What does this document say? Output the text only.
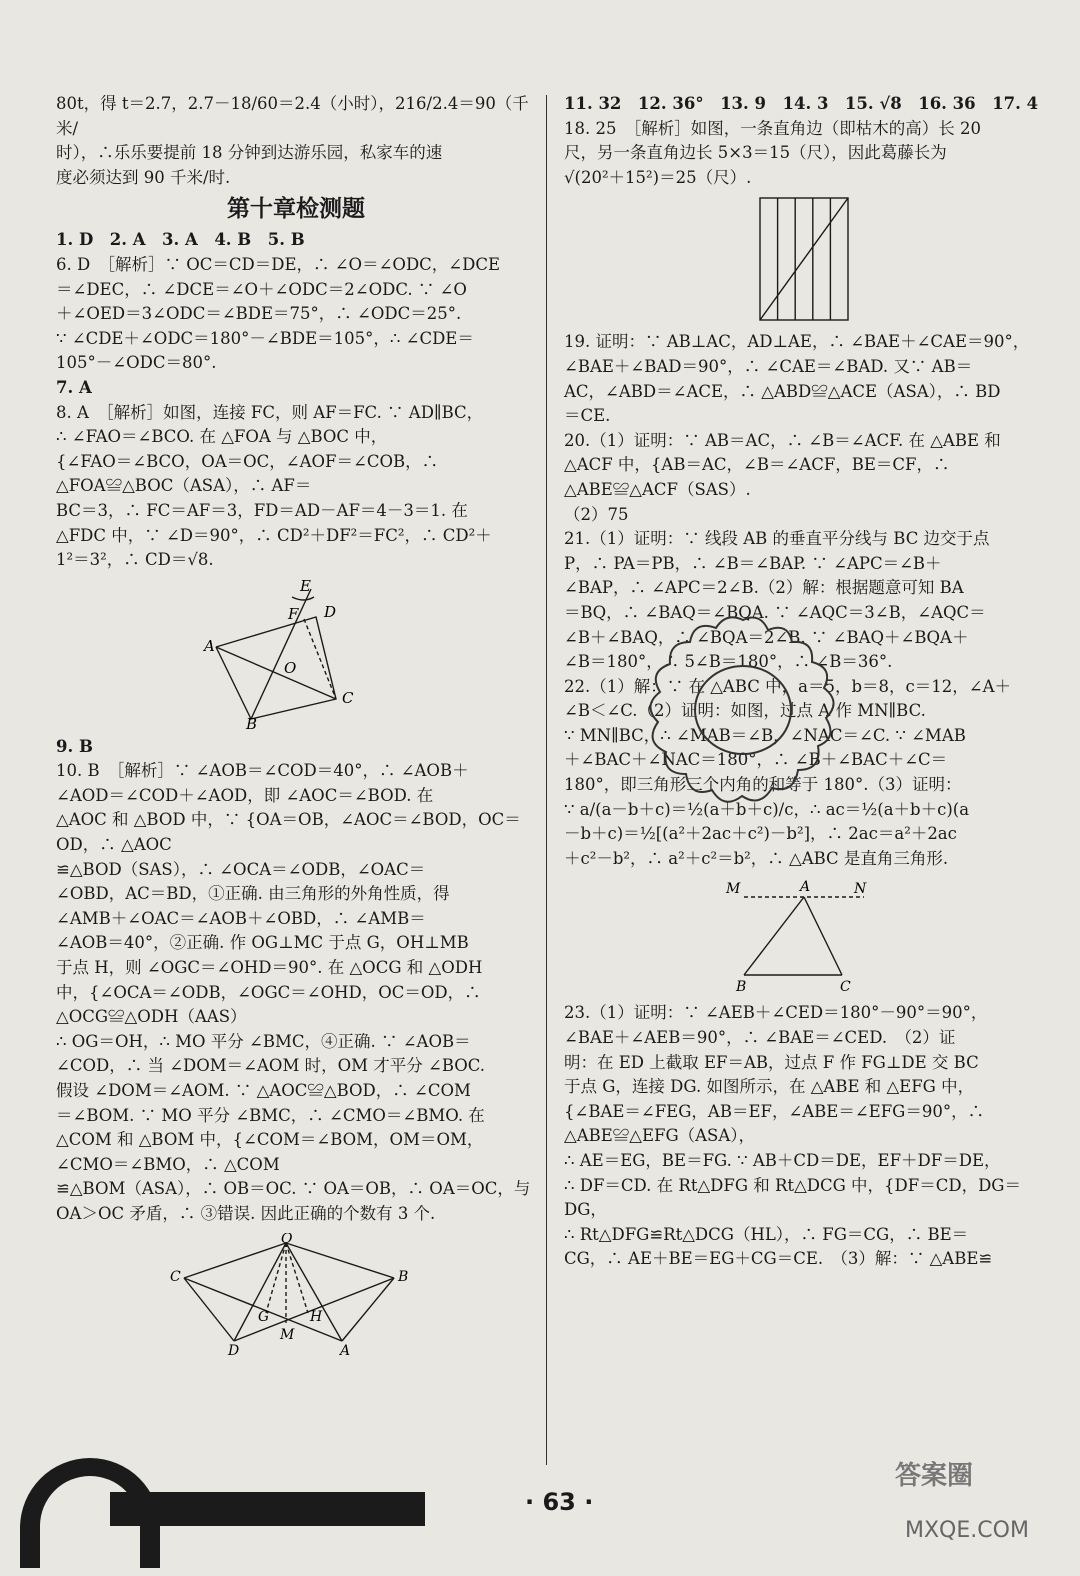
80t，得 t＝2.7，2.7－18/60＝2.4（小时），216/2.4＝90（千米/

时），∴乐乐要提前 18 分钟到达游乐园，私家车的速

度必须达到 90 千米/时.

第十章检测题

1. D　2. A　3. A　4. B　5. B

6. D　［解析］∵ OC＝CD＝DE，∴ ∠O＝∠ODC，∠DCE

＝∠DEC，∴ ∠DCE＝∠O＋∠ODC＝2∠ODC. ∵ ∠O

＋∠OED＝3∠ODC＝∠BDE＝75°，∴ ∠ODC＝25°.

∵ ∠CDE＋∠ODC＝180°－∠BDE＝105°，∴ ∠CDE＝

105°－∠ODC＝80°.

7. A

8. A　［解析］如图，连接 FC，则 AF＝FC. ∵ AD∥BC，

∴ ∠FAO＝∠BCO. 在 △FOA 与 △BOC 中，

{∠FAO＝∠BCO，OA＝OC，∠AOF＝∠COB，∴ △FOA≌△BOC（ASA），∴ AF＝

BC＝3，∴ FC＝AF＝3，FD＝AD－AF＝4－3＝1. 在

△FDC 中，∵ ∠D＝90°，∴ CD²＋DF²＝FC²，∴ CD²＋

1²＝3²，∴ CD＝√8.

A
B
C
D
E
F
O

9. B

10. B　［解析］∵ ∠AOB＝∠COD＝40°，∴ ∠AOB＋

∠AOD＝∠COD＋∠AOD，即 ∠AOC＝∠BOD. 在

△AOC 和 △BOD 中，∵ {OA＝OB，∠AOC＝∠BOD，OC＝OD，∴ △AOC

≌△BOD（SAS），∴ ∠OCA＝∠ODB，∠OAC＝

∠OBD，AC＝BD，①正确. 由三角形的外角性质，得

∠AMB＋∠OAC＝∠AOB＋∠OBD，∴ ∠AMB＝

∠AOB＝40°，②正确. 作 OG⊥MC 于点 G，OH⊥MB

于点 H，则 ∠OGC＝∠OHD＝90°. 在 △OCG 和 △ODH

中，{∠OCA＝∠ODB，∠OGC＝∠OHD，OC＝OD，∴ △OCG≌△ODH（AAS）

∴ OG＝OH，∴ MO 平分 ∠BMC，④正确. ∵ ∠AOB＝

∠COD，∴ 当 ∠DOM＝∠AOM 时，OM 才平分 ∠BOC.

假设 ∠DOM＝∠AOM. ∵ △AOC≌△BOD，∴ ∠COM

＝∠BOM. ∵ MO 平分 ∠BMC，∴ ∠CMO＝∠BMO. 在

△COM 和 △BOM 中，{∠COM＝∠BOM，OM＝OM，∠CMO＝∠BMO，∴ △COM

≌△BOM（ASA），∴ OB＝OC. ∵ OA＝OB，∴ OA＝OC，与

OA＞OC 矛盾，∴ ③错误. 因此正确的个数有 3 个.

O
C	B
G	H
D
M
A

11. 32　12. 36°　13. 9　14. 3　15. √8　16. 36　17. 4

18. 25　［解析］如图，一条直角边（即枯木的高）长 20

尺，另一条直角边长 5×3＝15（尺），因此葛藤长为

√(20²＋15²)＝25（尺）.

19. 证明：∵ AB⊥AC，AD⊥AE，∴ ∠BAE＋∠CAE＝90°，

∠BAE＋∠BAD＝90°，∴ ∠CAE＝∠BAD. 又∵ AB＝

AC，∠ABD＝∠ACE，∴ △ABD≌△ACE（ASA），∴ BD

＝CE.

20.（1）证明：∵ AB＝AC，∴ ∠B＝∠ACF. 在 △ABE 和

△ACF 中，{AB＝AC，∠B＝∠ACF，BE＝CF，∴ △ABE≌△ACF（SAS）.

（2）75

21.（1）证明：∵ 线段 AB 的垂直平分线与 BC 边交于点

P，∴ PA＝PB，∴ ∠B＝∠BAP. ∵ ∠APC＝∠B＋

∠BAP，∴ ∠APC＝2∠B.（2）解：根据题意可知 BA

＝BQ，∴ ∠BAQ＝∠BQA. ∵ ∠AQC＝3∠B，∠AQC＝

∠B＋∠BAQ，∴ ∠BQA＝2∠B. ∵ ∠BAQ＋∠BQA＋

∠B＝180°，∴ 5∠B＝180°，∴ ∠B＝36°.

22.（1）解：∵ 在 △ABC 中，a＝5，b＝8，c＝12，∠A＋

∠B＜∠C.（2）证明：如图，过点 A 作 MN∥BC.

∵ MN∥BC，∴ ∠MAB＝∠B，∠NAC＝∠C. ∵ ∠MAB

＋∠BAC＋∠NAC＝180°，∴ ∠B＋∠BAC＋∠C＝

180°，即三角形三个内角的和等于 180°.（3）证明：

∵ a/(a－b＋c)＝½(a＋b＋c)/c，∴ ac＝½(a＋b＋c)(a

－b＋c)＝½[(a²＋2ac＋c²)－b²]，∴ 2ac＝a²＋2ac

＋c²－b²，∴ a²＋c²＝b²，∴ △ABC 是直角三角形.

M	A	N
B	C

23.（1）证明：∵ ∠AEB＋∠CED＝180°－90°＝90°，

∠BAE＋∠AEB＝90°，∴ ∠BAE＝∠CED.　（2）证

明：在 ED 上截取 EF＝AB，过点 F 作 FG⊥DE 交 BC

于点 G，连接 DG. 如图所示，在 △ABE 和 △EFG 中，

{∠BAE＝∠FEG，AB＝EF，∠ABE＝∠EFG＝90°，∴ △ABE≌△EFG（ASA），

∴ AE＝EG，BE＝FG. ∵ AB＋CD＝DE，EF＋DF＝DE，

∴ DF＝CD. 在 Rt△DFG 和 Rt△DCG 中，{DF＝CD，DG＝DG，

∴ Rt△DFG≌Rt△DCG（HL），∴ FG＝CG，∴ BE＝

CG，∴ AE＋BE＝EG＋CG＝CE.　（3）解：∵ △ABE≌

· 63 ·
答案圈
MXQE.COM
